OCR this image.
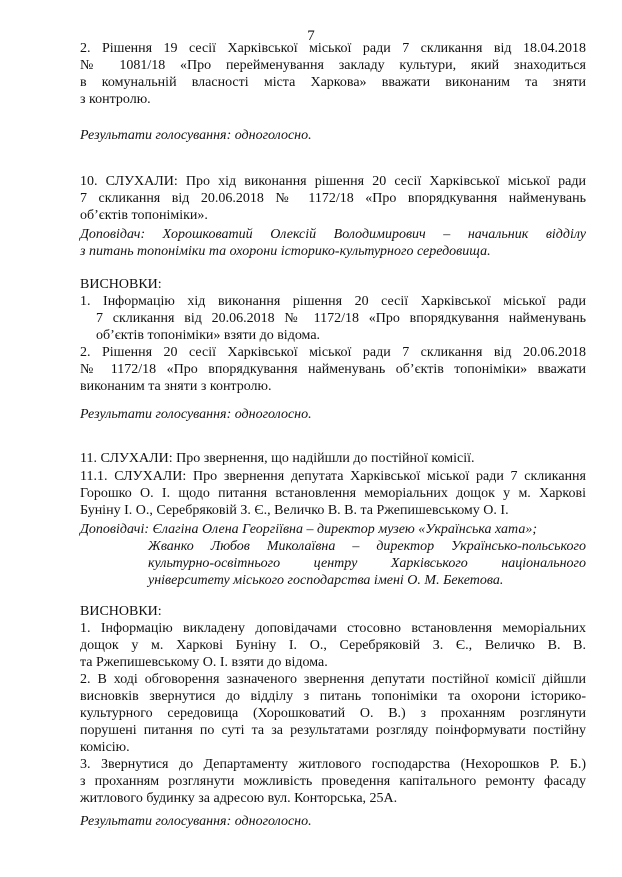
7
2. Рішення 19 сесії Харківської міської ради 7 скликання від 18.04.2018
№ 1081/18 «Про перейменування закладу культури, який знаходиться
в комунальній власності міста Харкова» вважати виконаним та зняти
з контролю.
Результати голосування: одноголосно.
10. СЛУХАЛИ: Про хід виконання рішення 20 сесії Харківської міської ради
7 скликання від 20.06.2018 № 1172/18 «Про впорядкування найменувань
об’єктів топоніміки».
Доповідач: Хорошковатий Олексій Володимирович – начальник відділу
з питань топоніміки та охорони історико-культурного середовища.
ВИСНОВКИ:
1. Інформацію хід виконання рішення 20 сесії Харківської міської ради
7 скликання від 20.06.2018 № 1172/18 «Про впорядкування найменувань
об’єктів топоніміки» взяти до відома.
2. Рішення 20 сесії Харківської міської ради 7 скликання від 20.06.2018
№ 1172/18 «Про впорядкування найменувань об’єктів топоніміки» вважати
виконаним та зняти з контролю.
Результати голосування: одноголосно.
11. СЛУХАЛИ: Про звернення, що надійшли до постійної комісії.
11.1. СЛУХАЛИ: Про звернення депутата Харківської міської ради 7 скликання
Горошко О. І. щодо питання встановлення меморіальних дощок у м. Харкові
Буніну І. О., Серебряковій З. Є., Величко В. В. та Ржепишевському О. І.
Доповідачі: Єлагіна Олена Георгіївна – директор музею «Українська хата»;
Жванко Любов Миколаївна – директор Українсько-польського
культурно-освітнього центру Харківського національного
університету міського господарства імені О. М. Бекетова.
ВИСНОВКИ:
1. Інформацію викладену доповідачами стосовно встановлення меморіальних
дощок у м. Харкові Буніну І. О., Серебряковій З. Є., Величко В. В.
та Ржепишевському О. І. взяти до відома.
2. В ході обговорення зазначеного звернення депутати постійної комісії дійшли
висновків звернутися до відділу з питань топоніміки та охорони історико-
культурного середовища (Хорошковатий О. В.) з проханням розглянути
порушені питання по суті та за результатами розгляду поінформувати постійну
комісію.
3. Звернутися до Департаменту житлового господарства (Нехорошков Р. Б.)
з проханням розглянути можливість проведення капітального ремонту фасаду
житлового будинку за адресою вул. Конторська, 25А.
Результати голосування: одноголосно.
